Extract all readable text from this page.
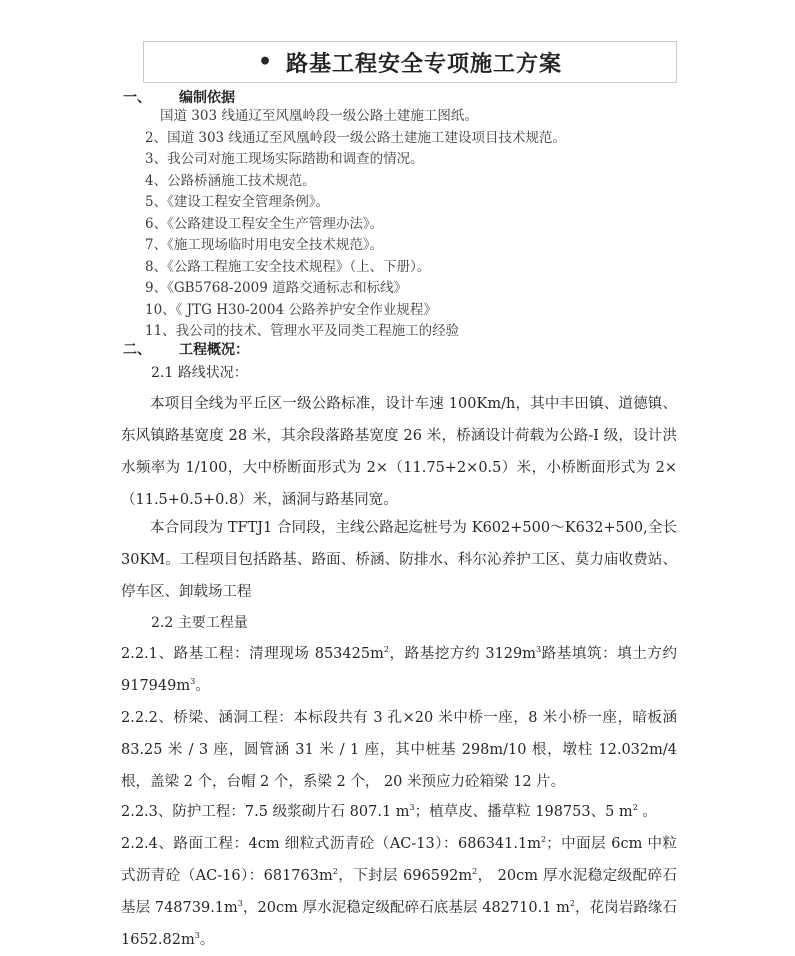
• 路基工程安全专项施工方案
一、 编制依据
国道 303 线通辽至风凰岭段一级公路土建施工图纸。
2、国道 303 线通辽至风凰岭段一级公路土建施工建设项目技术规范。
3、我公司对施工现场实际踏勘和调查的情况。
4、公路桥涵施工技术规范。
5、《建设工程安全管理条例》。
6、《公路建设工程安全生产管理办法》。
7、《施工现场临时用电安全技术规范》。
8、《公路工程施工安全技术规程》（上、下册）。
9、《GB5768-2009 道路交通标志和标线》
10、《 JTG H30-2004 公路养护安全作业规程》
11、我公司的技术、管理水平及同类工程施工的经验
二、 工程概况：
2.1 路线状况：
本项目全线为平丘区一级公路标准，设计车速 100Km/h，其中丰田镇、道德镇、东风镇路基宽度 28 米，其余段落路基宽度 26 米，桥涵设计荷载为公路-I 级，设计洪水频率为 1/100，大中桥断面形式为 2×（11.75+2×0.5）米，小桥断面形式为 2×（11.5+0.5+0.8）米，涵洞与路基同宽。
本合同段为 TFTJ1 合同段，主线公路起迄桩号为 K602+500～K632+500,全长 30KM。工程项目包括路基、路面、桥涵、防排水、科尔沁养护工区、莫力庙收费站、停车区、卸载场工程
2.2 主要工程量
2.2.1、路基工程：清理现场 $853425m^2$，路基挖方约 $3129m^3$路基填筑：填土方约 $917949m^3$。
2.2.2、桥梁、涵洞工程：本标段共有 3 孔×20 米中桥一座，8 米小桥一座，暗板涵 83.25 米 / 3 座，圆管涵 31 米 / 1 座，其中桩基 298m/10 根，墩柱 12.032m/4 根，盖梁 2 个，台帽 2 个，系梁 2 个， 20 米预应力砼箱梁 12 片。
2.2.3、防护工程：7.5 级浆砌片石 807.1 $m^3$；植草皮、播草粒 198753、5 $m^2$ 。
2.2.4、路面工程：4cm 细粒式沥青砼（AC-13）：$686341.1m^2$；中面层 6cm 中粒式沥青砼（AC-16）：$681763m^2$，下封层 $696592m^2$， 20cm 厚水泥稳定级配碎石基层 $748739.1m^3$，20cm 厚水泥稳定级配碎石底基层 482710.1 $m^2$，花岗岩路缘石 $1652.82m^3$。
